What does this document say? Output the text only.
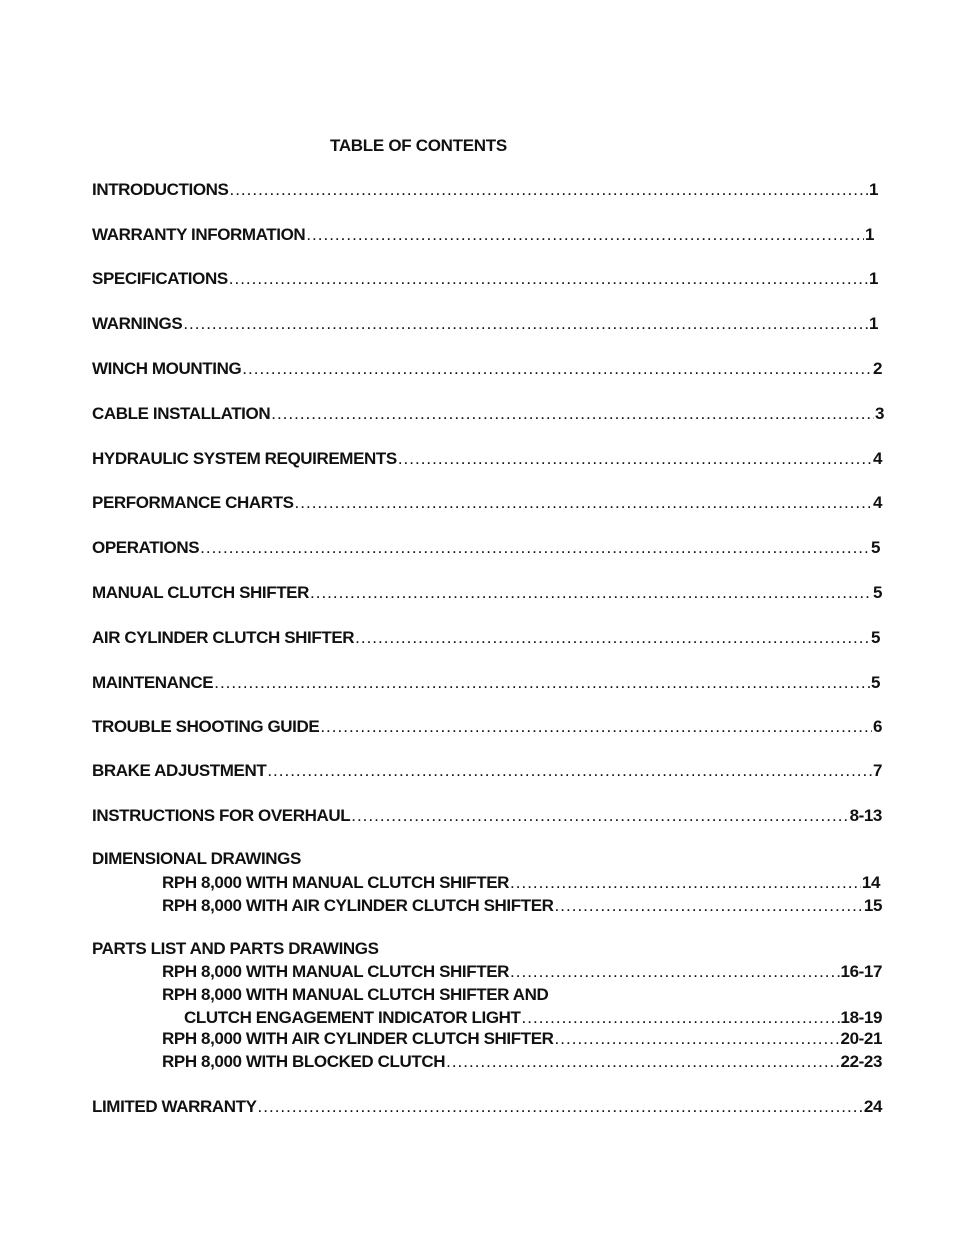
TABLE OF CONTENTS
INTRODUCTIONS .....	1
WARRANTY INFORMATION .....	1
SPECIFICATIONS .....	1
WARNINGS .....	1
WINCH MOUNTING .....	2
CABLE INSTALLATION .....	3
HYDRAULIC SYSTEM REQUIREMENTS .....	4
PERFORMANCE CHARTS .....	4
OPERATIONS .....	5
MANUAL CLUTCH SHIFTER .....	5
AIR CYLINDER CLUTCH SHIFTER .....	5
MAINTENANCE .....	5
TROUBLE SHOOTING GUIDE .....	6
BRAKE ADJUSTMENT .....	7
INSTRUCTIONS FOR OVERHAUL .....	8-13
DIMENSIONAL DRAWINGS
RPH 8,000 WITH MANUAL CLUTCH SHIFTER .....	14
RPH 8,000 WITH AIR CYLINDER CLUTCH SHIFTER .....	15
PARTS LIST AND PARTS DRAWINGS
RPH 8,000 WITH MANUAL CLUTCH SHIFTER .....	16-17
RPH 8,000 WITH MANUAL CLUTCH SHIFTER AND
CLUTCH ENGAGEMENT INDICATOR LIGHT .....	18-19
RPH 8,000 WITH AIR CYLINDER CLUTCH SHIFTER .....	20-21
RPH 8,000 WITH BLOCKED CLUTCH .....	22-23
LIMITED WARRANTY .....	24
